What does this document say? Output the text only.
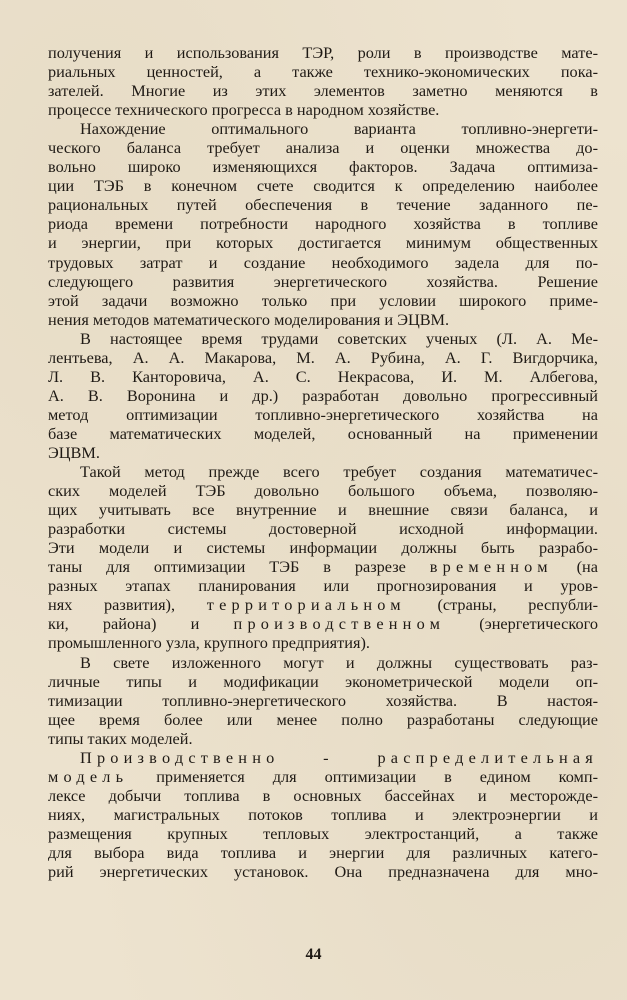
получения и использования ТЭР, роли в производстве мате-
риальных ценностей, а также технико-экономических пока-
зателей. Многие из этих элементов заметно меняются в
процессе технического прогресса в народном хозяйстве.
Нахождение оптимального варианта топливно-энергети-
ческого баланса требует анализа и оценки множества до-
вольно широко изменяющихся факторов. Задача оптимиза-
ции ТЭБ в конечном счете сводится к определению наиболее
рациональных путей обеспечения в течение заданного пе-
риода времени потребности народного хозяйства в топливе
и энергии, при которых достигается минимум общественных
трудовых затрат и создание необходимого задела для по-
следующего развития энергетического хозяйства. Решение
этой задачи возможно только при условии широкого приме-
нения методов математического моделирования и ЭЦВМ.
В настоящее время трудами советских ученых (Л. А. Ме-
лентьева, А. А. Макарова, М. А. Рубина, А. Г. Вигдорчика,
Л. В. Канторовича, А. С. Некрасова, И. М. Албегова,
А. В. Воронина и др.) разработан довольно прогрессивный
метод оптимизации топливно-энергетического хозяйства на
базе математических моделей, основанный на применении
ЭЦВМ.
Такой метод прежде всего требует создания математичес-
ских моделей ТЭБ довольно большого объема, позволяю-
щих учитывать все внутренние и внешние связи баланса, и
разработки системы достоверной исходной информации.
Эти модели и системы информации должны быть разрабо-
таны для оптимизации ТЭБ в разрезе временном (на
разных этапах планирования или прогнозирования и уров-
нях развития), территориальном (страны, республи-
ки, района) и производственном (энергетического
промышленного узла, крупного предприятия).
В свете изложенного могут и должны существовать раз-
личные типы и модификации эконометрической модели оп-
тимизации топливно-энергетического хозяйства. В настоя-
щее время более или менее полно разработаны следующие
типы таких моделей.
Производственно - распределительная
модель применяется для оптимизации в едином комп-
лексе добычи топлива в основных бассейнах и месторожде-
ниях, магистральных потоков топлива и электроэнергии и
размещения крупных тепловых электростанций, а также
для выбора вида топлива и энергии для различных катего-
рий энергетических установок. Она предназначена для мно-
44
